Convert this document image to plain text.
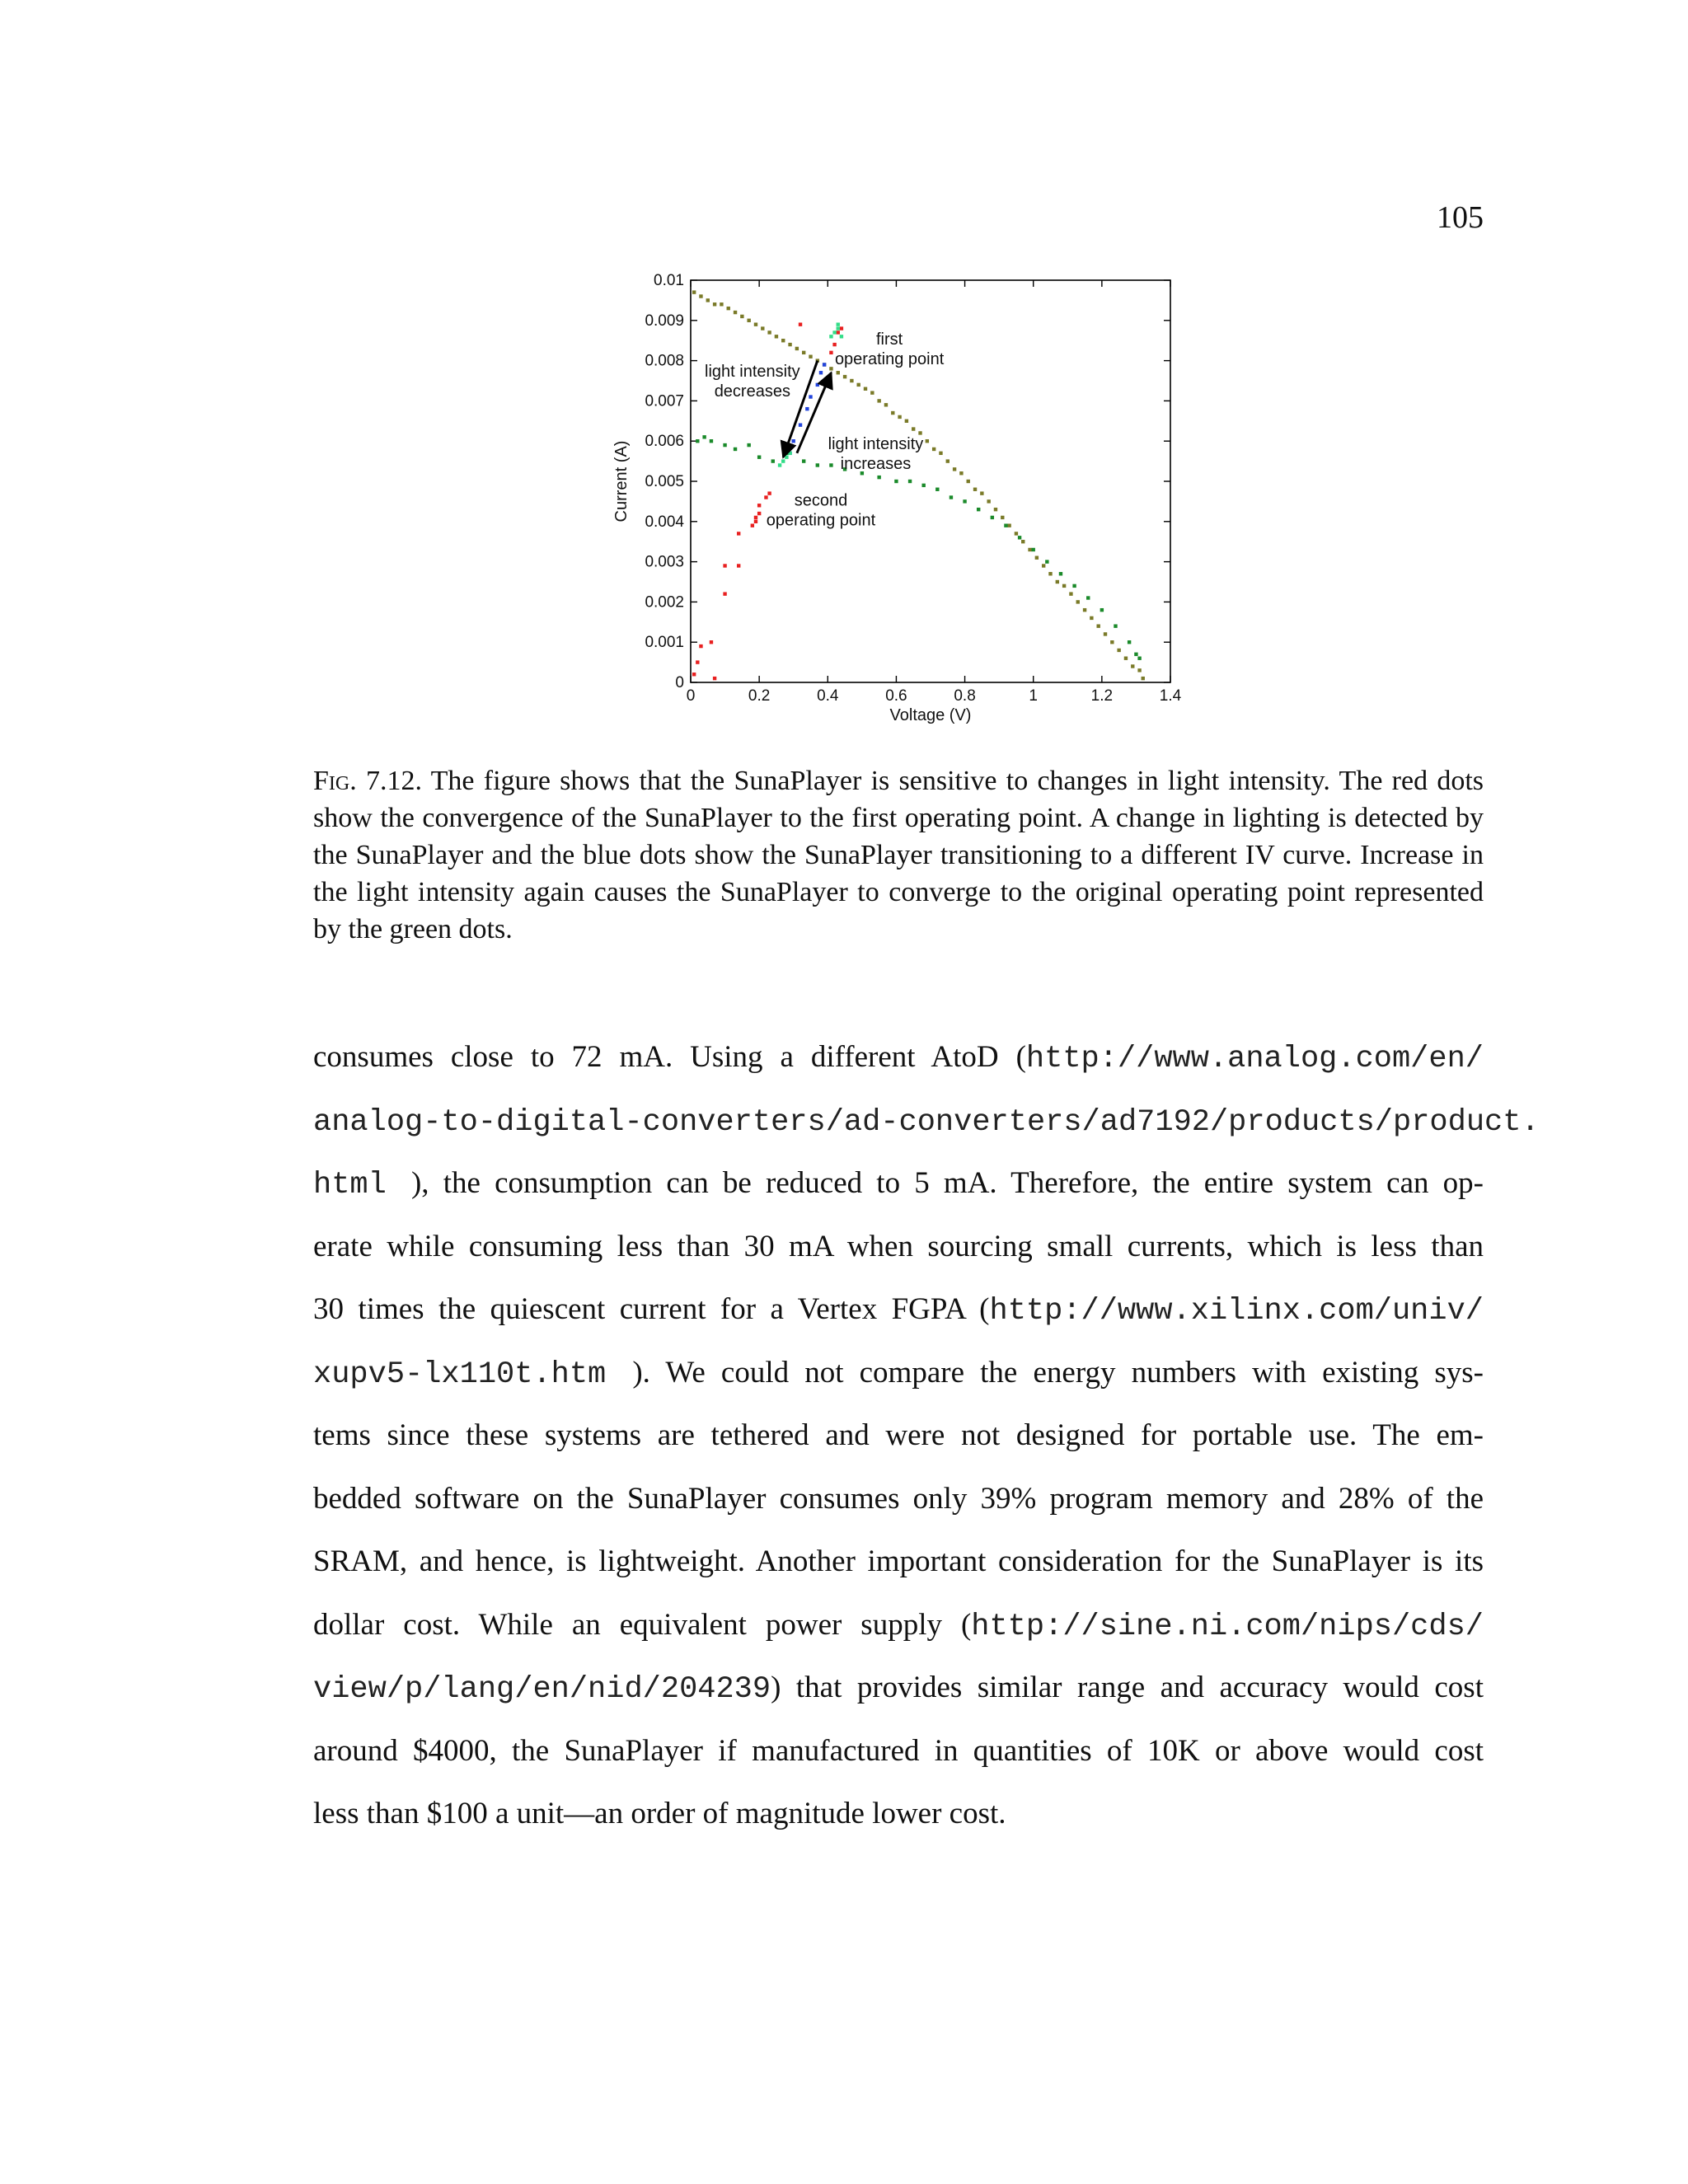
105
0	0.2	0.4	0.6	0.8	1	1.2	1.4
0
0.001
0.002
0.003
0.004
0.005
0.006
0.007
0.008
0.009
0.01
Voltage (V)
Current (A)
first
operating point
light intensity
decreases
light intensity
increases
second
operating point
Fig. 7.12. The figure shows that the SunaPlayer is sensitive to changes in light intensity. The red dots show the convergence of the SunaPlayer to the first operating point. A change in lighting is detected by the SunaPlayer and the blue dots show the SunaPlayer transitioning to a different IV curve. Increase in the light intensity again causes the SunaPlayer to converge to the original operating point represented by the green dots.
consumes close to 72 mA. Using a different AtoD (http://www.analog.com/en/
analog-to-digital-converters/ad-converters/ad7192/products/product.
html ), the consumption can be reduced to 5 mA. Therefore, the entire system can op-
erate while consuming less than 30 mA when sourcing small currents, which is less than
30 times the quiescent current for a Vertex FGPA (http://www.xilinx.com/univ/
xupv5-lx110t.htm ). We could not compare the energy numbers with existing sys-
tems since these systems are tethered and were not designed for portable use. The em-
bedded software on the SunaPlayer consumes only 39% program memory and 28% of the
SRAM, and hence, is lightweight. Another important consideration for the SunaPlayer is its
dollar cost. While an equivalent power supply (http://sine.ni.com/nips/cds/
view/p/lang/en/nid/204239) that provides similar range and accuracy would cost
around $4000, the SunaPlayer if manufactured in quantities of 10K or above would cost
less than $100 a unit—an order of magnitude lower cost.
